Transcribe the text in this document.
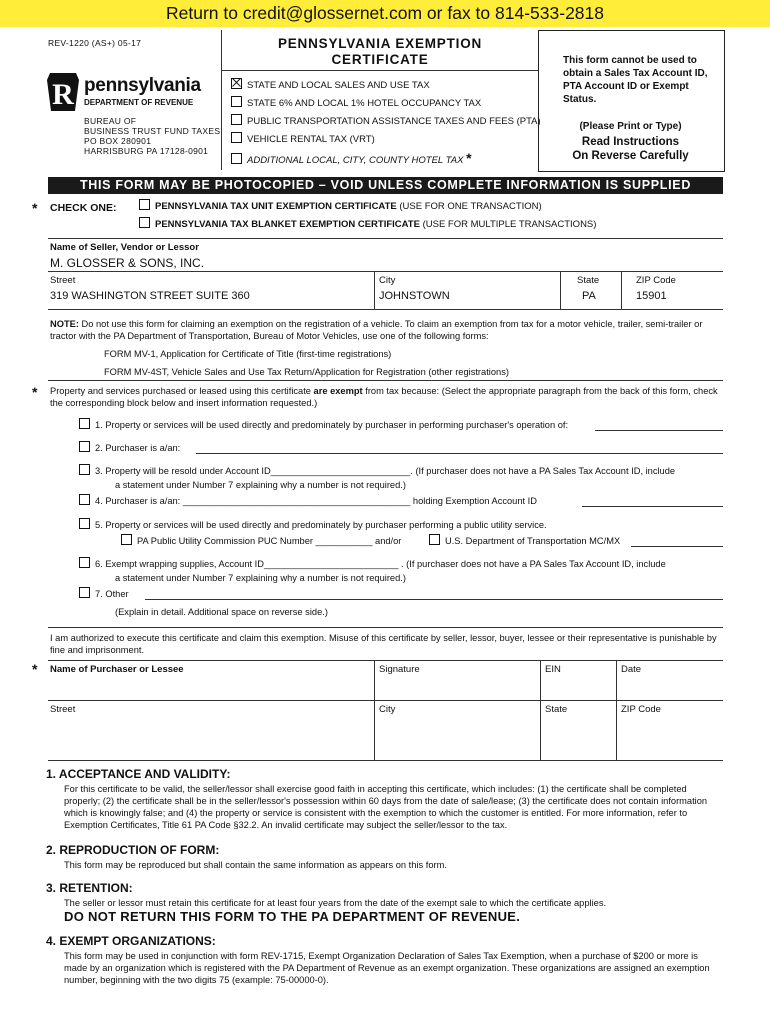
Return to credit@glossernet.com or fax to 814-533-2818
REV-1220 (AS+) 05-17
R pennsylvania
DEPARTMENT OF REVENUE
BUREAU OF
BUSINESS TRUST FUND TAXES
PO BOX 280901
HARRISBURG PA 17128-0901
PENNSYLVANIA EXEMPTION
CERTIFICATE
STATE AND LOCAL SALES AND USE TAX
STATE 6% AND LOCAL 1% HOTEL OCCUPANCY TAX
PUBLIC TRANSPORTATION ASSISTANCE TAXES AND FEES (PTA)
VEHICLE RENTAL TAX (VRT)
ADDITIONAL LOCAL, CITY, COUNTY HOTEL TAX *
This form cannot be used to obtain a Sales Tax Account ID, PTA Account ID or Exempt Status.
(Please Print or Type)
Read Instructions
On Reverse Carefully
THIS FORM MAY BE PHOTOCOPIED – VOID UNLESS COMPLETE INFORMATION IS SUPPLIED
* CHECK ONE:	PENNSYLVANIA TAX UNIT EXEMPTION CERTIFICATE (USE FOR ONE TRANSACTION)
PENNSYLVANIA TAX BLANKET EXEMPTION CERTIFICATE (USE FOR MULTIPLE TRANSACTIONS)
Name of Seller, Vendor or Lessor
M. GLOSSER & SONS, INC.
Street	City	State	ZIP Code
319 WASHINGTON STREET SUITE 360	JOHNSTOWN	PA	15901
NOTE: Do not use this form for claiming an exemption on the registration of a vehicle. To claim an exemption from tax for a motor vehicle, trailer, semi-trailer or tractor with the PA Department of Transportation, Bureau of Motor Vehicles, use one of the following forms:
FORM MV-1, Application for Certificate of Title (first-time registrations)
FORM MV-4ST, Vehicle Sales and Use Tax Return/Application for Registration (other registrations)
* Property and services purchased or leased using this certificate are exempt from tax because: (Select the appropriate paragraph from the back of this form, check the corresponding block below and insert information requested.)
1. Property or services will be used directly and predominately by purchaser in performing purchaser's operation of:
2. Purchaser is a/an:
3. Property will be resold under Account ID___________________________. (If purchaser does not have a PA Sales Tax Account ID, include
a statement under Number 7 explaining why a number is not required.)
4. Purchaser is a/an: ____________________________________________ holding Exemption Account ID
5. Property or services will be used directly and predominately by purchaser performing a public utility service.
PA Public Utility Commission PUC Number ___________ and/or	U.S. Department of Transportation MC/MX
6. Exempt wrapping supplies, Account ID__________________________ . (If purchaser does not have a PA Sales Tax Account ID, include
a statement under Number 7 explaining why a number is not required.)
7. Other
(Explain in detail. Additional space on reverse side.)
I am authorized to execute this certificate and claim this exemption. Misuse of this certificate by seller, lessor, buyer, lessee or their representative is punishable by fine and imprisonment.
* Name of Purchaser or Lessee	Signature	EIN	Date
Street	City	State	ZIP Code
1. ACCEPTANCE AND VALIDITY:
For this certificate to be valid, the seller/lessor shall exercise good faith in accepting this certificate, which includes: (1) the certificate shall be completed properly; (2) the certificate shall be in the seller/lessor's possession within 60 days from the date of sale/lease; (3) the certificate does not contain information which is knowingly false; and (4) the property or service is consistent with the exemption to which the customer is entitled. For more information, refer to Exemption Certificates, Title 61 PA Code §32.2. An invalid certificate may subject the seller/lessor to the tax.
2. REPRODUCTION OF FORM:
This form may be reproduced but shall contain the same information as appears on this form.
3. RETENTION:
The seller or lessor must retain this certificate for at least four years from the date of the exempt sale to which the certificate applies.
DO NOT RETURN THIS FORM TO THE PA DEPARTMENT OF REVENUE.
4. EXEMPT ORGANIZATIONS:
This form may be used in conjunction with form REV-1715, Exempt Organization Declaration of Sales Tax Exemption, when a purchase of $200 or more is made by an organization which is registered with the PA Department of Revenue as an exempt organization. These organizations are assigned an exemption number, beginning with the two digits 75 (example: 75-00000-0).
